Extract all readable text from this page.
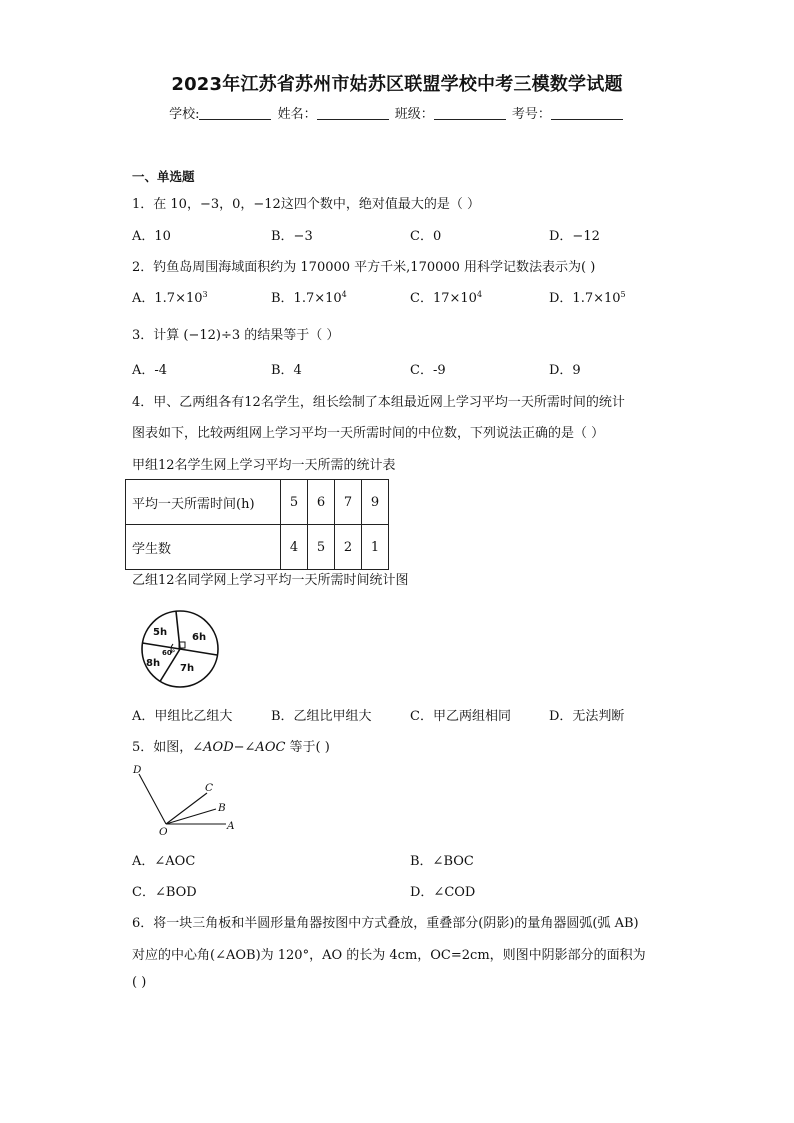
2023年江苏省苏州市姑苏区联盟学校中考三模数学试题
学校:	姓名：	班级：	考号：
一、单选题
1．在 10，−3，0，−12这四个数中，绝对值最大的是（ ）
A．10	B．−3	C．0	D．−12
2．钓鱼岛周围海域面积约为 170000 平方千米,170000 用科学记数法表示为( )
A．$1.7\times 10^3$	B．$1.7\times 10^4$	C．$17\times 10^4$	D．$1.7\times 10^5$
3．计算 (−12)÷3 的结果等于（ ）
A．-4	B．4	C．-9	D．9
4．甲、乙两组各有12名学生，组长绘制了本组最近网上学习平均一天所需时间的统计
图表如下，比较两组网上学习平均一天所需时间的中位数，下列说法正确的是（ ）
甲组12名学生网上学习平均一天所需的统计表
平均一天所需时间(h)	5	6	7	9
学生数	4	5	2	1
乙组12名同学网上学习平均一天所需时间统计图
5h 6h
7h
8h
60°
A．甲组比乙组大	B．乙组比甲组大	C．甲乙两组相同	D．无法判断
5．如图，∠AOD−∠AOC 等于( )
D
C
B
A
O
A．∠AOC	B．∠BOC
C．∠BOD	D．∠COD
6．将一块三角板和半圆形量角器按图中方式叠放，重叠部分(阴影)的量角器圆弧(弧 AB)
对应的中心角(∠AOB)为 120°，AO 的长为 4cm，OC=2cm，则图中阴影部分的面积为
( )
